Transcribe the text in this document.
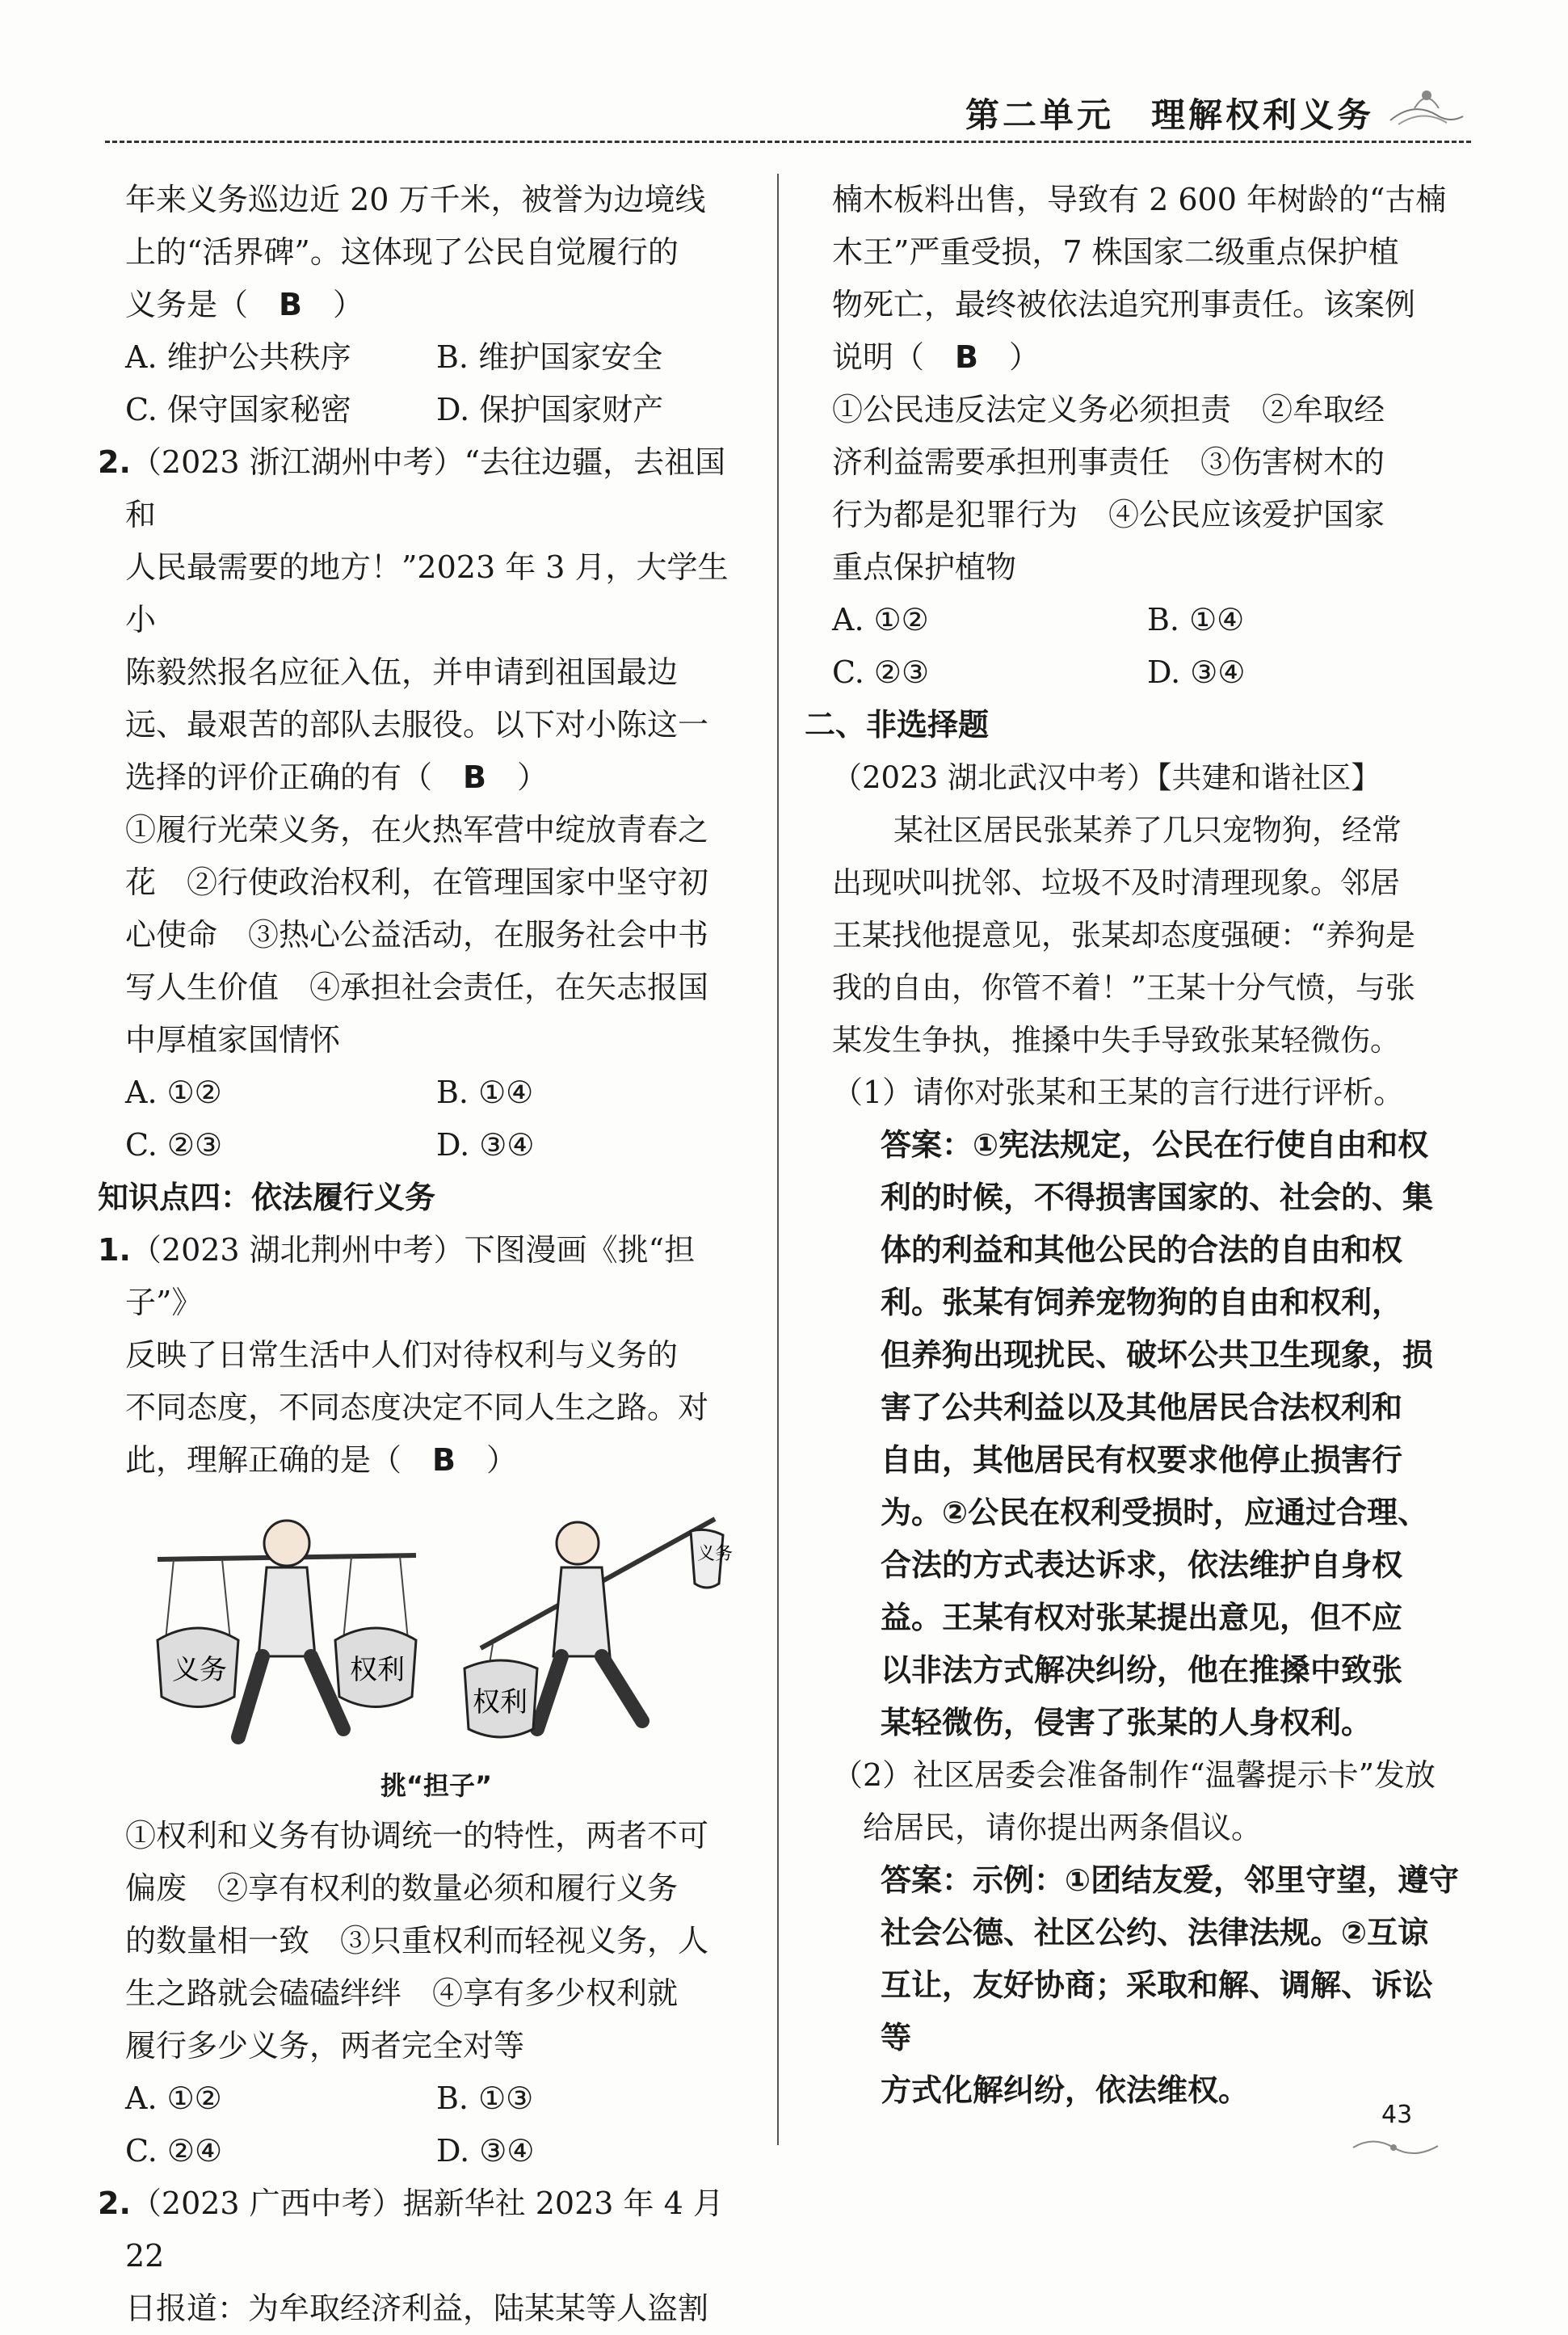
第二单元　理解权利义务

年来义务巡边近 20 万千米，被誉为边境线

上的“活界碑”。这体现了公民自觉履行的

义务是（　B　）

A. 维护公共秩序	B. 维护国家安全
C. 保守国家秘密	D. 保护国家财产

2.（2023 浙江湖州中考）“去往边疆，去祖国和

人民最需要的地方！”2023 年 3 月，大学生小

陈毅然报名应征入伍，并申请到祖国最边

远、最艰苦的部队去服役。以下对小陈这一

选择的评价正确的有（　B　）

①履行光荣义务，在火热军营中绽放青春之

花　②行使政治权利，在管理国家中坚守初

心使命　③热心公益活动，在服务社会中书

写人生价值　④承担社会责任，在矢志报国

中厚植家国情怀

A. ①②	B. ①④
C. ②③	D. ③④

知识点四：依法履行义务

1.（2023 湖北荆州中考）下图漫画《挑“担子”》

反映了日常生活中人们对待权利与义务的

不同态度，不同态度决定不同人生之路。对

此，理解正确的是（　B　）

义务	权利
权利
义务
挑“担子”

①权利和义务有协调统一的特性，两者不可

偏废　②享有权利的数量必须和履行义务

的数量相一致　③只重权利而轻视义务，人

生之路就会磕磕绊绊　④享有多少权利就

履行多少义务，两者完全对等

A. ①②	B. ①③
C. ②④	D. ③④

2.（2023 广西中考）据新华社 2023 年 4 月 22

日报道：为牟取经济利益，陆某某等人盗割

楠木板料出售，导致有 2 600 年树龄的“古楠

木王”严重受损，7 株国家二级重点保护植

物死亡，最终被依法追究刑事责任。该案例

说明（　B　）

①公民违反法定义务必须担责　②牟取经

济利益需要承担刑事责任　③伤害树木的

行为都是犯罪行为　④公民应该爱护国家

重点保护植物

A. ①②	B. ①④
C. ②③	D. ③④

二、非选择题

（2023 湖北武汉中考）【共建和谐社区】

某社区居民张某养了几只宠物狗，经常

出现吠叫扰邻、垃圾不及时清理现象。邻居

王某找他提意见，张某却态度强硬：“养狗是

我的自由，你管不着！”王某十分气愤，与张

某发生争执，推搡中失手导致张某轻微伤。

（1）请你对张某和王某的言行进行评析。

答案：①宪法规定，公民在行使自由和权

利的时候，不得损害国家的、社会的、集

体的利益和其他公民的合法的自由和权

利。张某有饲养宠物狗的自由和权利，

但养狗出现扰民、破坏公共卫生现象，损

害了公共利益以及其他居民合法权利和

自由，其他居民有权要求他停止损害行

为。②公民在权利受损时，应通过合理、

合法的方式表达诉求，依法维护自身权

益。王某有权对张某提出意见，但不应

以非法方式解决纠纷，他在推搡中致张

某轻微伤，侵害了张某的人身权利。

（2）社区居委会准备制作“温馨提示卡”发放

给居民，请你提出两条倡议。

答案：示例：①团结友爱，邻里守望，遵守

社会公德、社区公约、法律法规。②互谅

互让，友好协商；采取和解、调解、诉讼等

方式化解纠纷，依法维权。

43
